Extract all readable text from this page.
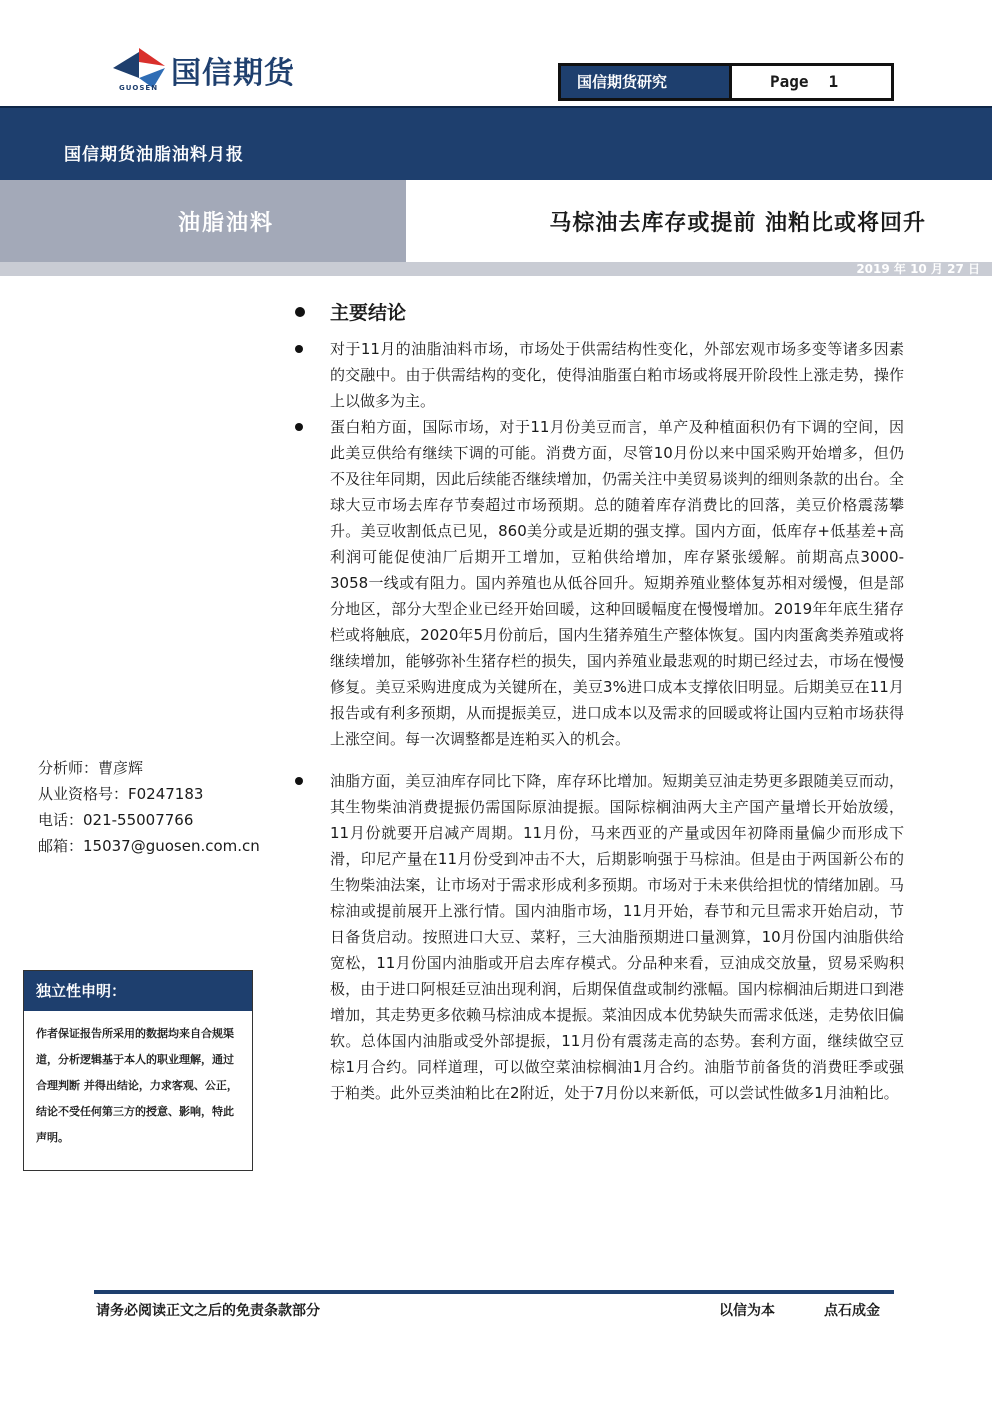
国信期货
GUOSEN	国信期货研究	Page 1
国信期货油脂油料月报
油脂油料	马棕油去库存或提前 油粕比或将回升
2019 年 10 月 27 日
主要结论
对于11月的油脂油料市场，市场处于供需结构性变化，外部宏观市场多变等诸多因素的交融中。由于供需结构的变化，使得油脂蛋白粕市场或将展开阶段性上涨走势，操作上以做多为主。
蛋白粕方面，国际市场，对于11月份美豆而言，单产及种植面积仍有下调的空间，因此美豆供给有继续下调的可能。消费方面，尽管10月份以来中国采购开始增多，但仍不及往年同期，因此后续能否继续增加，仍需关注中美贸易谈判的细则条款的出台。全球大豆市场去库存节奏超过市场预期。总的随着库存消费比的回落，美豆价格震荡攀升。美豆收割低点已见，860美分或是近期的强支撑。国内方面，低库存+低基差+高利润可能促使油厂后期开工增加，豆粕供给增加，库存紧张缓解。前期高点3000-3058一线或有阻力。国内养殖也从低谷回升。短期养殖业整体复苏相对缓慢，但是部分地区，部分大型企业已经开始回暖，这种回暖幅度在慢慢增加。2019年年底生猪存栏或将触底，2020年5月份前后，国内生猪养殖生产整体恢复。国内肉蛋禽类养殖或将继续增加，能够弥补生猪存栏的损失，国内养殖业最悲观的时期已经过去，市场在慢慢修复。美豆采购进度成为关键所在，美豆3%进口成本支撑依旧明显。后期美豆在11月报告或有利多预期，从而提振美豆，进口成本以及需求的回暖或将让国内豆粕市场获得上涨空间。每一次调整都是连粕买入的机会。
油脂方面，美豆油库存同比下降，库存环比增加。短期美豆油走势更多跟随美豆而动，其生物柴油消费提振仍需国际原油提振。国际棕榈油两大主产国产量增长开始放缓，11月份就要开启减产周期。11月份，马来西亚的产量或因年初降雨量偏少而形成下滑，印尼产量在11月份受到冲击不大，后期影响强于马棕油。但是由于两国新公布的生物柴油法案，让市场对于需求形成利多预期。市场对于未来供给担忧的情绪加剧。马棕油或提前展开上涨行情。国内油脂市场，11月开始，春节和元旦需求开始启动，节日备货启动。按照进口大豆、菜籽，三大油脂预期进口量测算，10月份国内油脂供给宽松，11月份国内油脂或开启去库存模式。分品种来看，豆油成交放量，贸易采购积极，由于进口阿根廷豆油出现利润，后期保值盘或制约涨幅。国内棕榈油后期进口到港增加，其走势更多依赖马棕油成本提振。菜油因成本优势缺失而需求低迷，走势依旧偏软。总体国内油脂或受外部提振，11月份有震荡走高的态势。套利方面，继续做空豆棕1月合约。同样道理，可以做空菜油棕榈油1月合约。油脂节前备货的消费旺季或强于粕类。此外豆类油粕比在2附近，处于7月份以来新低，可以尝试性做多1月油粕比。
分析师：曹彦辉
从业资格号：F0247183
电话：021-55007766
邮箱：15037@guosen.com.cn
独立性申明：
作者保证报告所采用的数据均来自合规渠道，分析逻辑基于本人的职业理解，通过合理判断 并得出结论，力求客观、公正，结论不受任何第三方的授意、影响，特此声明。
请务必阅读正文之后的免责条款部分	以信为本	点石成金
